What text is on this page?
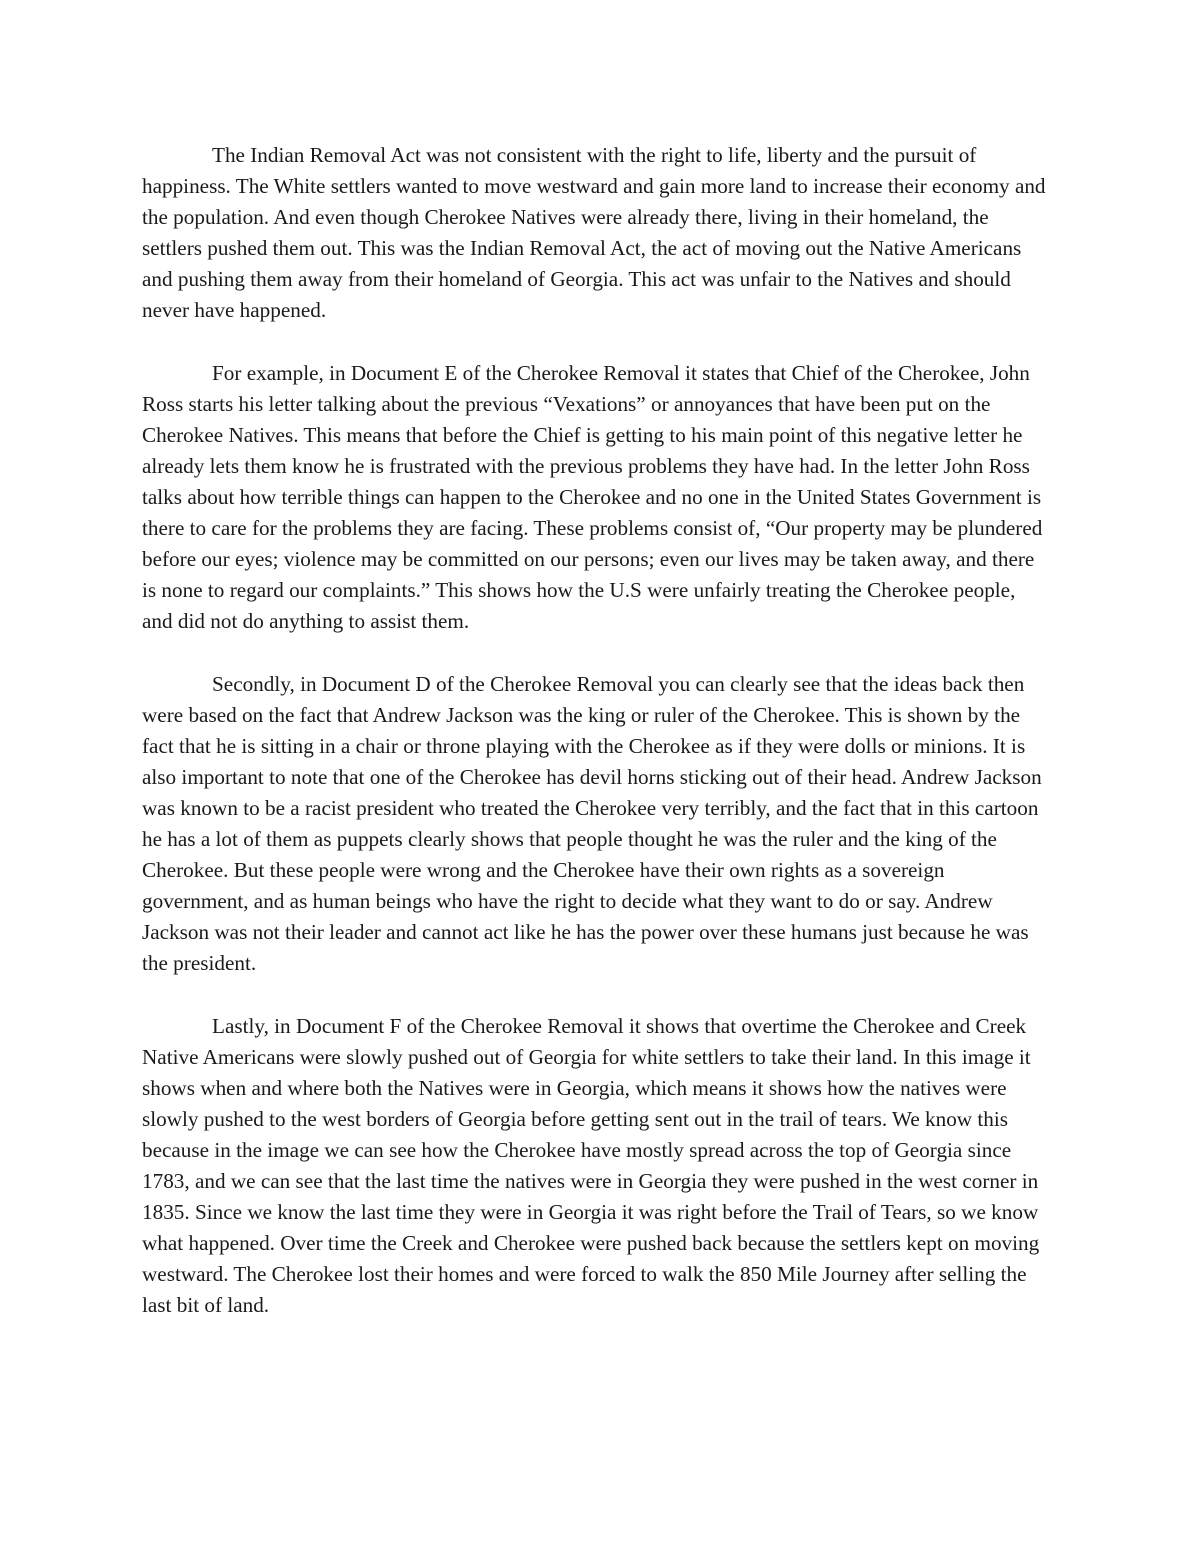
The Indian Removal Act was not consistent with the right to life, liberty and the pursuit of happiness. The White settlers wanted to move westward and gain more land to increase their economy and the population. And even though Cherokee Natives were already there, living in their homeland, the settlers pushed them out. This was the Indian Removal Act, the act of moving out the Native Americans and pushing them away from their homeland of Georgia. This act was unfair to the Natives and should never have happened.

For example, in Document E of the Cherokee Removal it states that Chief of the Cherokee, John Ross starts his letter talking about the previous “Vexations” or annoyances that have been put on the Cherokee Natives. This means that before the Chief is getting to his main point of this negative letter he already lets them know he is frustrated with the previous problems they have had. In the letter John Ross talks about how terrible things can happen to the Cherokee and no one in the United States Government is there to care for the problems they are facing. These problems consist of, “Our property may be plundered before our eyes; violence may be committed on our persons; even our lives may be taken away, and there is none to regard our complaints.” This shows how the U.S were unfairly treating the Cherokee people, and did not do anything to assist them.

Secondly, in Document D of the Cherokee Removal you can clearly see that the ideas back then were based on the fact that Andrew Jackson was the king or ruler of the Cherokee. This is shown by the fact that he is sitting in a chair or throne playing with the Cherokee as if they were dolls or minions. It is also important to note that one of the Cherokee has devil horns sticking out of their head. Andrew Jackson was known to be a racist president who treated the Cherokee very terribly, and the fact that in this cartoon he has a lot of them as puppets clearly shows that people thought he was the ruler and the king of the Cherokee. But these people were wrong and the Cherokee have their own rights as a sovereign government, and as human beings who have the right to decide what they want to do or say. Andrew Jackson was not their leader and cannot act like he has the power over these humans just because he was the president.

Lastly, in Document F of the Cherokee Removal it shows that overtime the Cherokee and Creek Native Americans were slowly pushed out of Georgia for white settlers to take their land. In this image it shows when and where both the Natives were in Georgia, which means it shows how the natives were slowly pushed to the west borders of Georgia before getting sent out in the trail of tears. We know this because in the image we can see how the Cherokee have mostly spread across the top of Georgia since 1783, and we can see that the last time the natives were in Georgia they were pushed in the west corner in 1835. Since we know the last time they were in Georgia it was right before the Trail of Tears, so we know what happened. Over time the Creek and Cherokee were pushed back because the settlers kept on moving westward. The Cherokee lost their homes and were forced to walk the 850 Mile Journey after selling the last bit of land.
